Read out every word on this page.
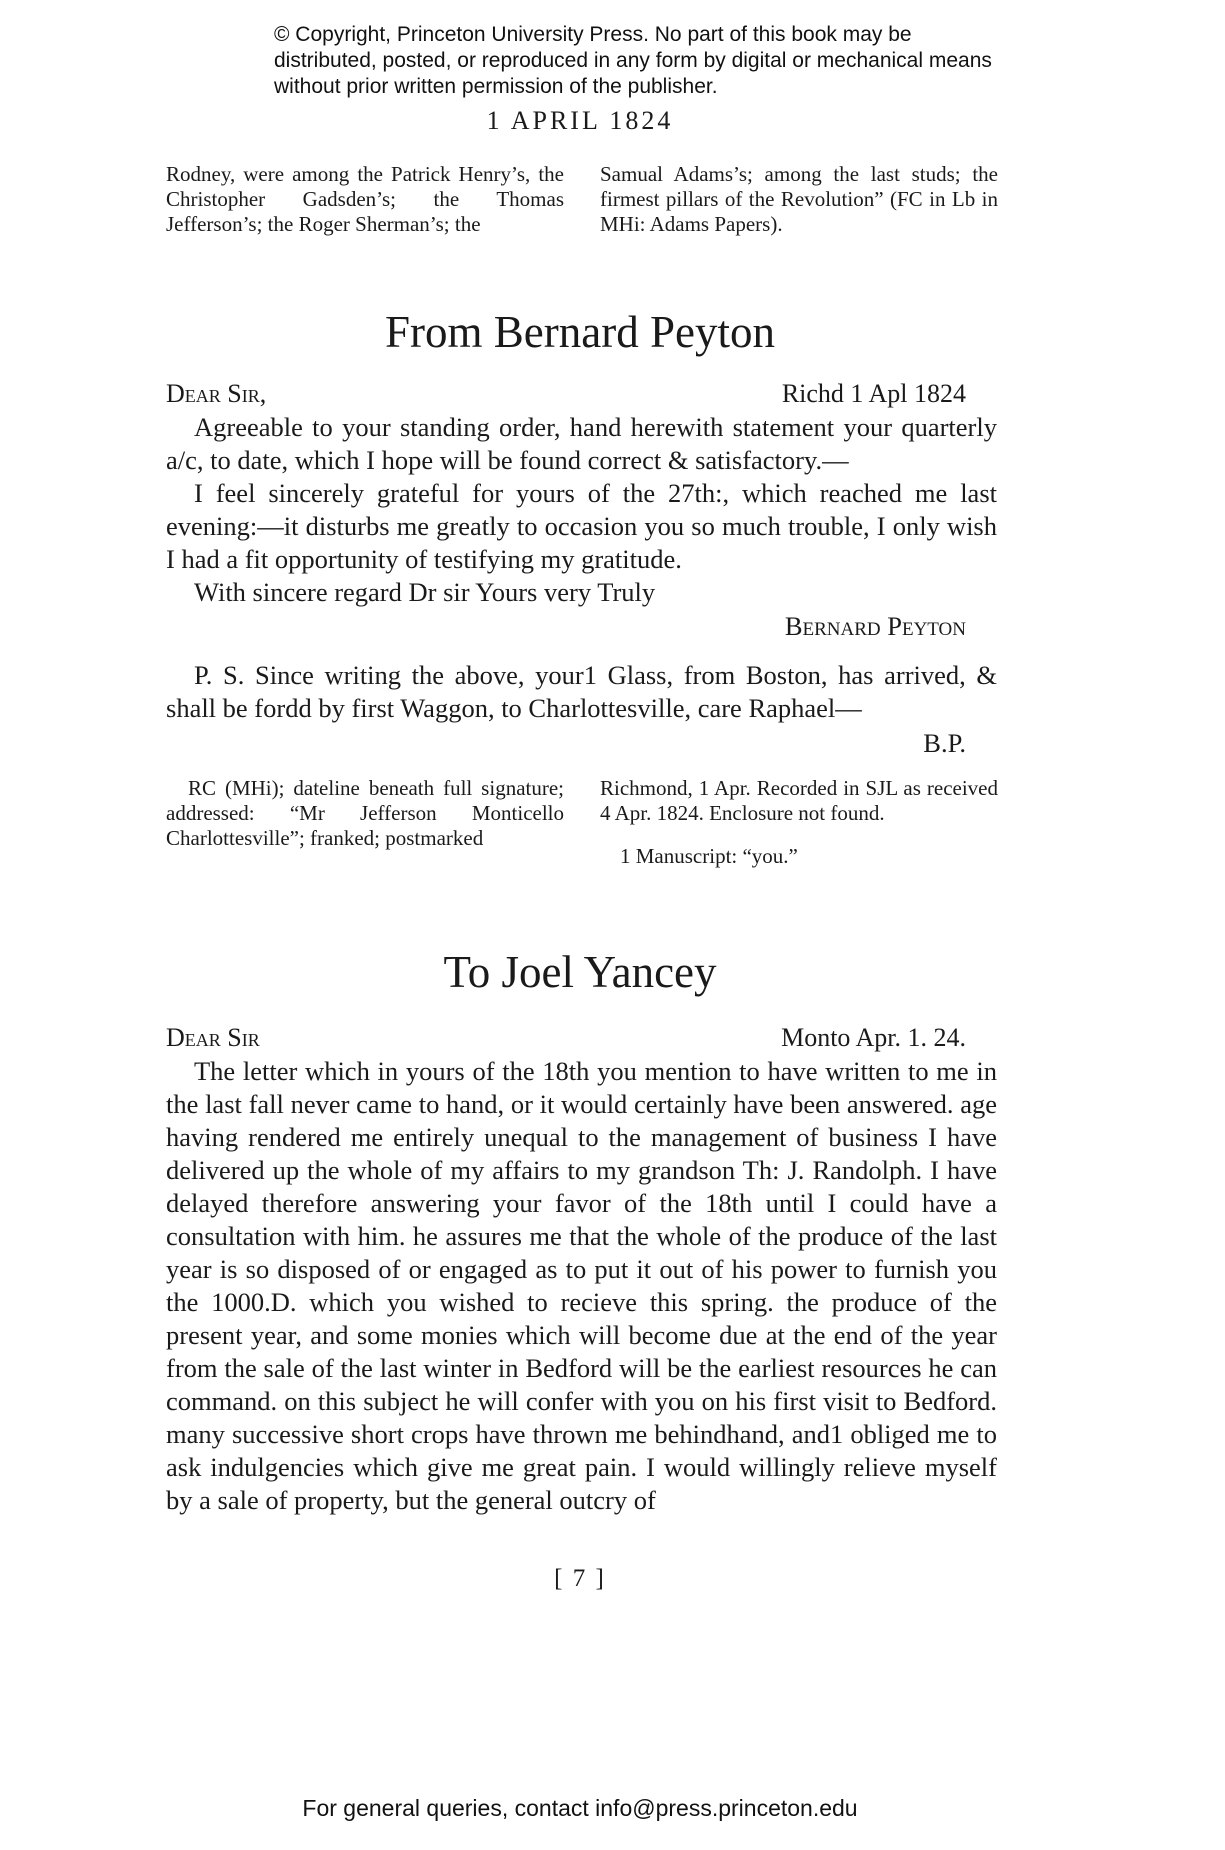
© Copyright, Princeton University Press. No part of this book may be distributed, posted, or reproduced in any form by digital or mechanical means without prior written permission of the publisher.
1 APRIL 1824
Rodney, were among the Patrick Henry’s, the Christopher Gadsden’s; the Thomas Jefferson’s; the Roger Sherman’s; the
Samual Adams’s; among the last studs; the firmest pillars of the Revolution” (FC in Lb in MHi: Adams Papers).
From Bernard Peyton
Dear Sir,	Richd 1 Apl 1824

Agreeable to your standing order, hand herewith statement your quarterly a/c, to date, which I hope will be found correct & satisfactory.—

I feel sincerely grateful for yours of the 27th:, which reached me last evening:—it disturbs me greatly to occasion you so much trouble, I only wish I had a fit opportunity of testifying my gratitude.

With sincere regard Dr sir Yours very Truly

Bernard Peyton

P. S. Since writing the above, your1 Glass, from Boston, has arrived, & shall be fordd by first Waggon, to Charlottesville, care Raphael—

B.P.

RC (MHi); dateline beneath full signature; addressed: “Mr Jefferson Monticello Charlottesville”; franked; postmarked

Richmond, 1 Apr. Recorded in SJL as received 4 Apr. 1824. Enclosure not found.

1 Manuscript: “you.”

To Joel Yancey
Dear Sir	Monto Apr. 1. 24.

The letter which in yours of the 18th you mention to have written to me in the last fall never came to hand, or it would certainly have been answered. age having rendered me entirely unequal to the management of business I have delivered up the whole of my affairs to my grandson Th: J. Randolph. I have delayed therefore answering your favor of the 18th until I could have a consultation with him. he assures me that the whole of the produce of the last year is so disposed of or engaged as to put it out of his power to furnish you the 1000.D. which you wished to recieve this spring. the produce of the present year, and some monies which will become due at the end of the year from the sale of the last winter in Bedford will be the earliest resources he can command. on this subject he will confer with you on his first visit to Bedford. many successive short crops have thrown me behindhand, and1 obliged me to ask indulgencies which give me great pain. I would willingly relieve myself by a sale of property, but the general outcry of

[ 7 ]
For general queries, contact info@press.princeton.edu
